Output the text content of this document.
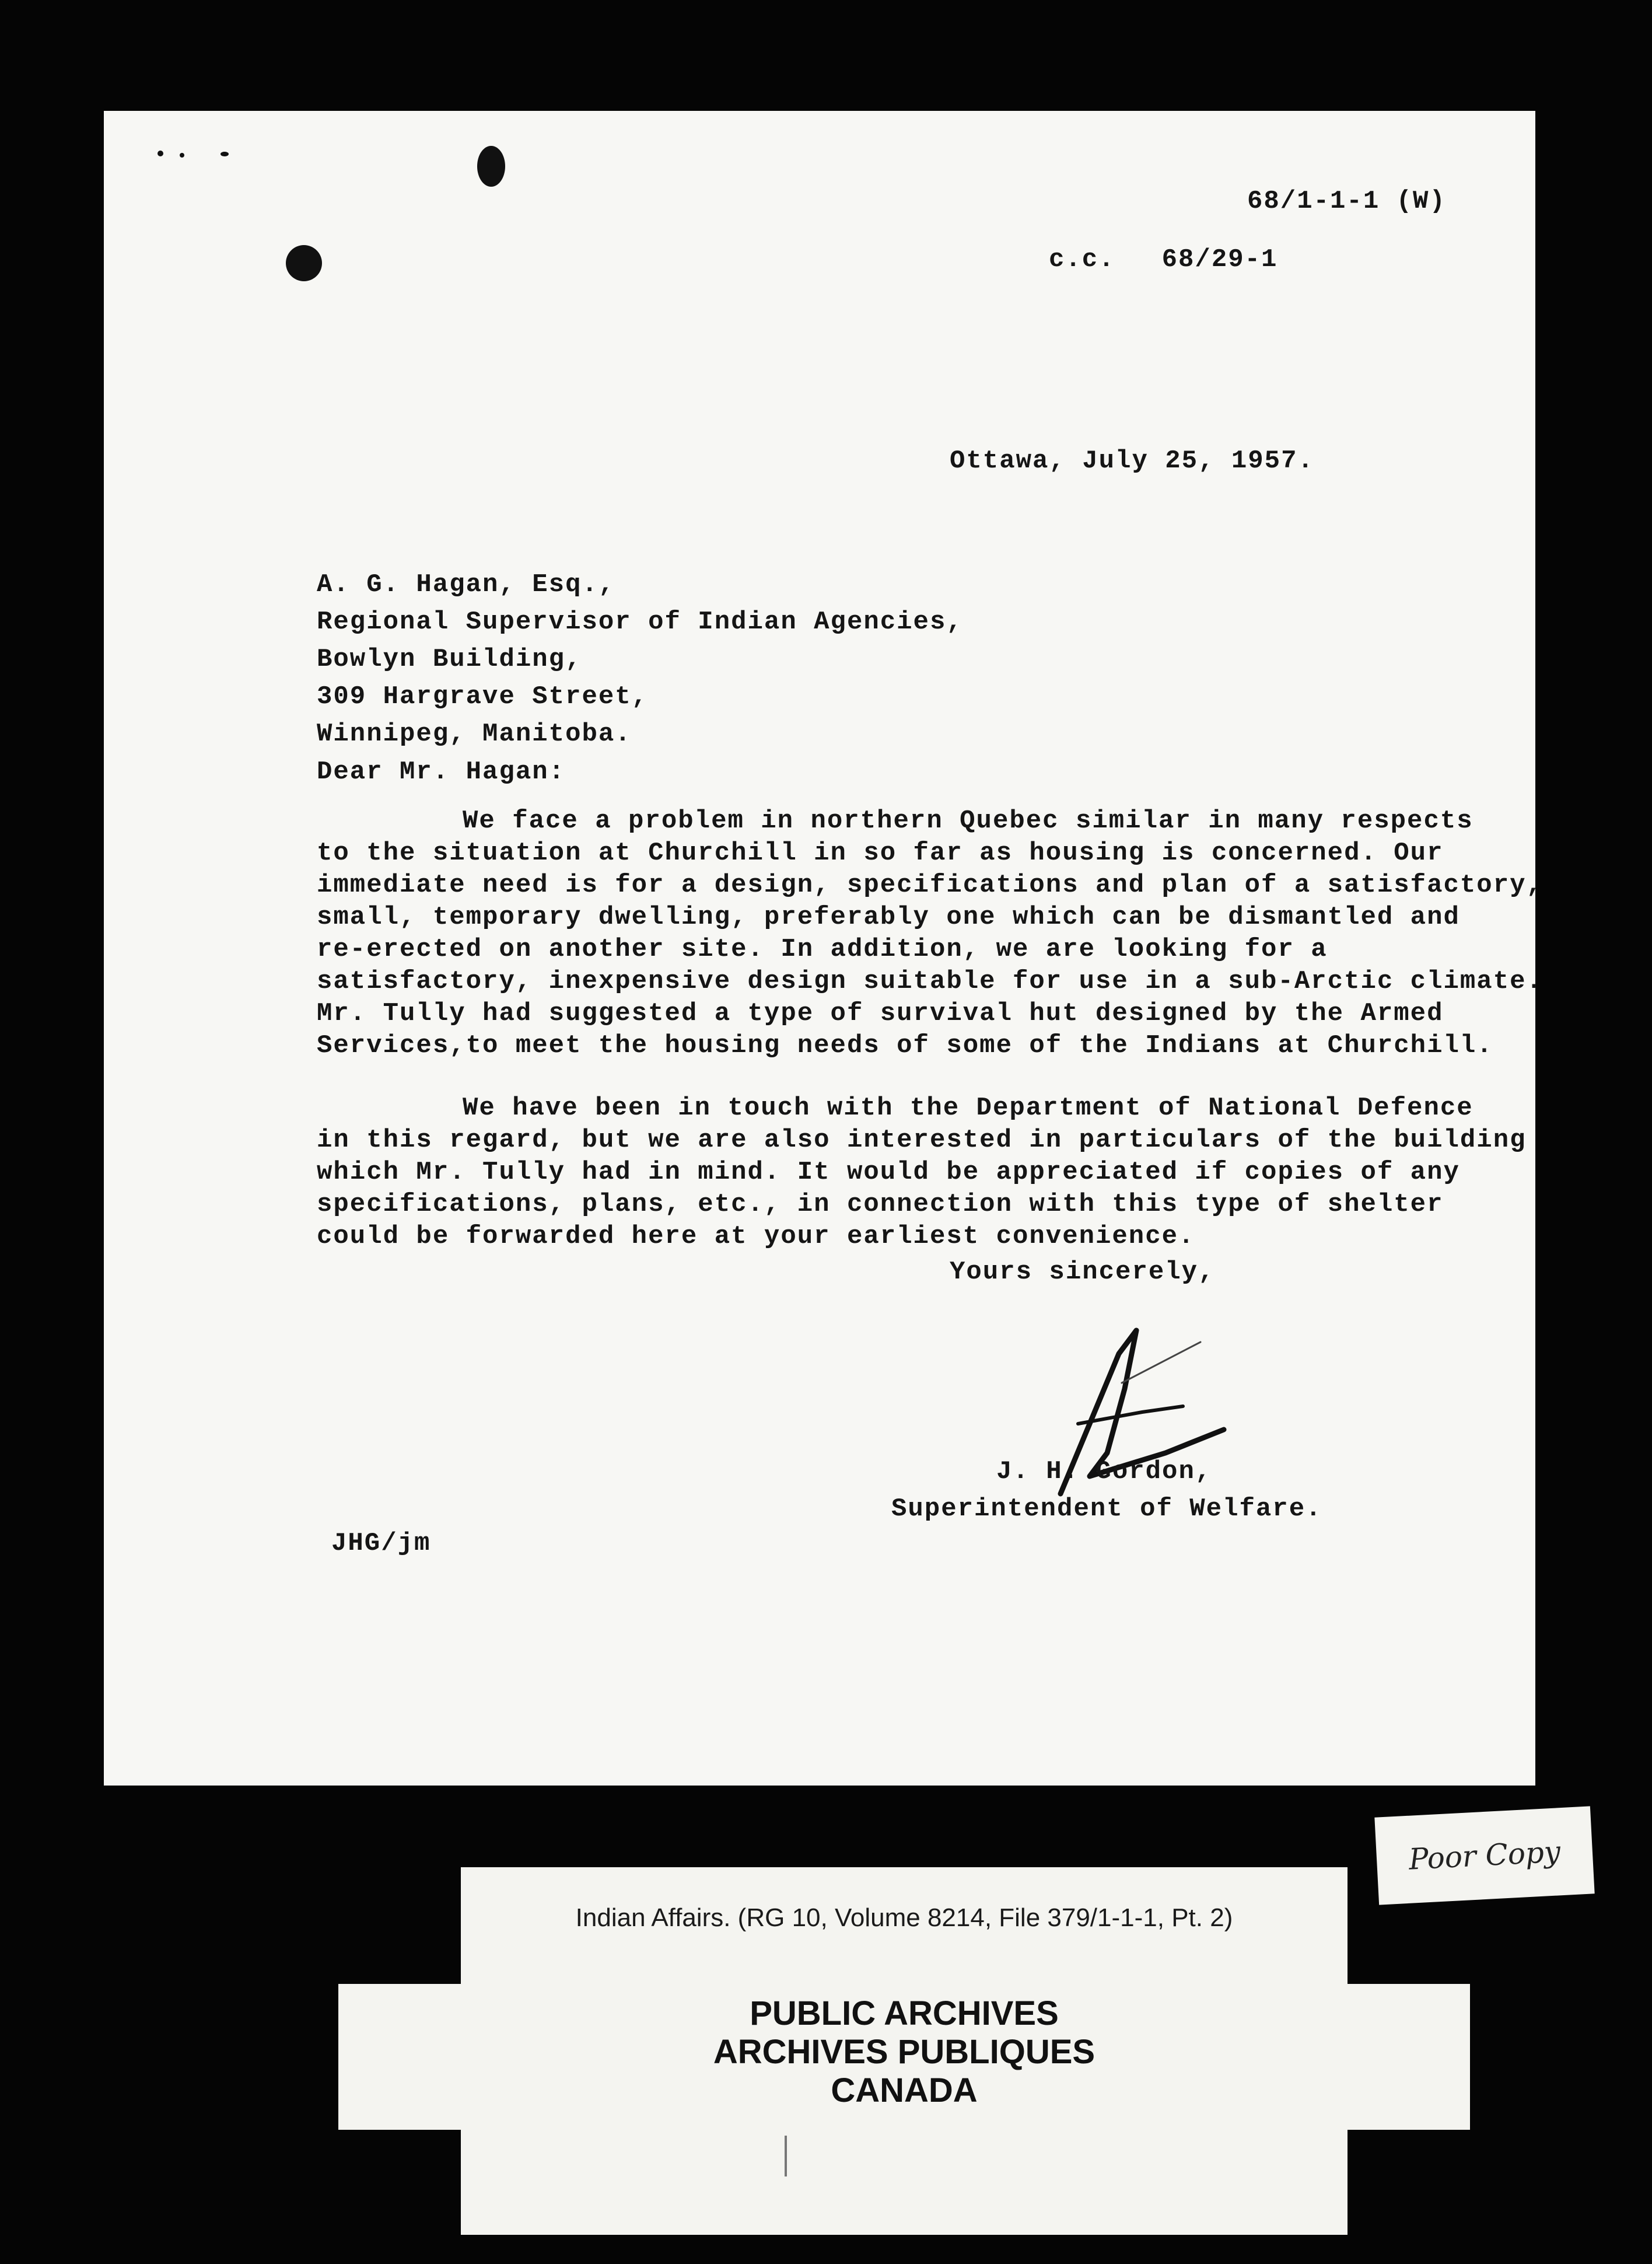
68/1-1-1 (W)
c.c. 68/29-1
Ottawa, July 25, 1957.
A. G. Hagan, Esq.,
Regional Supervisor of Indian Agencies,
Bowlyn Building,
309 Hargrave Street,
Winnipeg, Manitoba.
Dear Mr. Hagan:

We face a problem in northern Quebec similar in many respects
to the situation at Churchill in so far as housing is concerned. Our
immediate need is for a design, specifications and plan of a satisfactory,
small, temporary dwelling, preferably one which can be dismantled and
re-erected on another site. In addition, we are looking for a
satisfactory, inexpensive design suitable for use in a sub-Arctic climate.
Mr. Tully had suggested a type of survival hut designed by the Armed
Services,to meet the housing needs of some of the Indians at Churchill.

We have been in touch with the Department of National Defence
in this regard, but we are also interested in particulars of the building
which Mr. Tully had in mind. It would be appreciated if copies of any
specifications, plans, etc., in connection with this type of shelter
could be forwarded here at your earliest convenience.

Yours sincerely,
J. H. Gordon,
Superintendent of Welfare.
JHG/jm
Indian Affairs. (RG 10, Volume 8214, File 379/1-1-1, Pt. 2)
PUBLIC ARCHIVES
ARCHIVES PUBLIQUES
CANADA
Poor Copy
